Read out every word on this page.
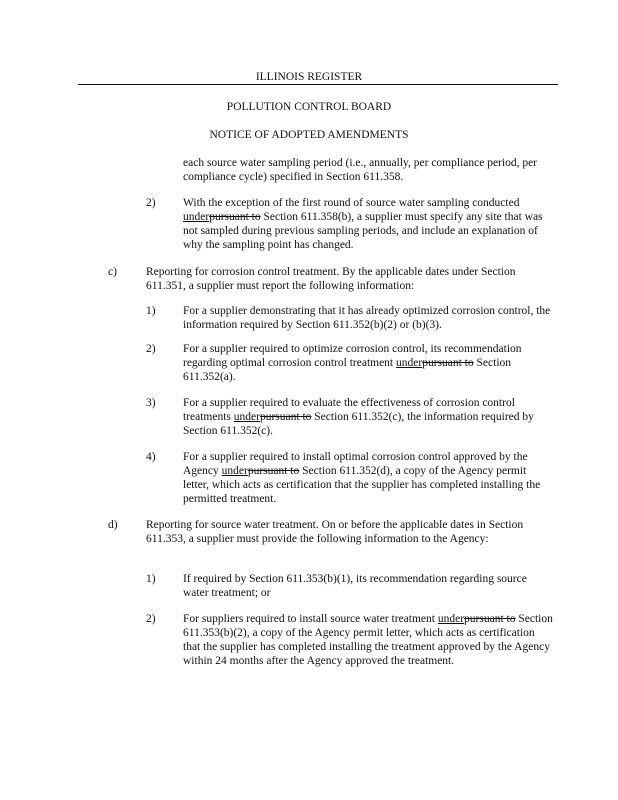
ILLINOIS REGISTER
POLLUTION CONTROL BOARD
NOTICE OF ADOPTED AMENDMENTS
each source water sampling period (i.e., annually, per compliance period, per compliance cycle) specified in Section 611.358.
2) With the exception of the first round of source water sampling conducted underpursuant to Section 611.358(b), a supplier must specify any site that was not sampled during previous sampling periods, and include an explanation of why the sampling point has changed.
c)	Reporting for corrosion control treatment. By the applicable dates under Section 611.351, a supplier must report the following information:
1) For a supplier demonstrating that it has already optimized corrosion control, the information required by Section 611.352(b)(2) or (b)(3).
2) For a supplier required to optimize corrosion control, its recommendation regarding optimal corrosion control treatment underpursuant to Section 611.352(a).
3) For a supplier required to evaluate the effectiveness of corrosion control treatments underpursuant to Section 611.352(c), the information required by Section 611.352(c).
4) For a supplier required to install optimal corrosion control approved by the Agency underpursuant to Section 611.352(d), a copy of the Agency permit letter, which acts as certification that the supplier has completed installing the permitted treatment.
d) Reporting for source water treatment. On or before the applicable dates in Section 611.353, a supplier must provide the following information to the Agency:
1) If required by Section 611.353(b)(1), its recommendation regarding source water treatment; or
2) For suppliers required to install source water treatment underpursuant to Section 611.353(b)(2), a copy of the Agency permit letter, which acts as certification that the supplier has completed installing the treatment approved by the Agency within 24 months after the Agency approved the treatment.
